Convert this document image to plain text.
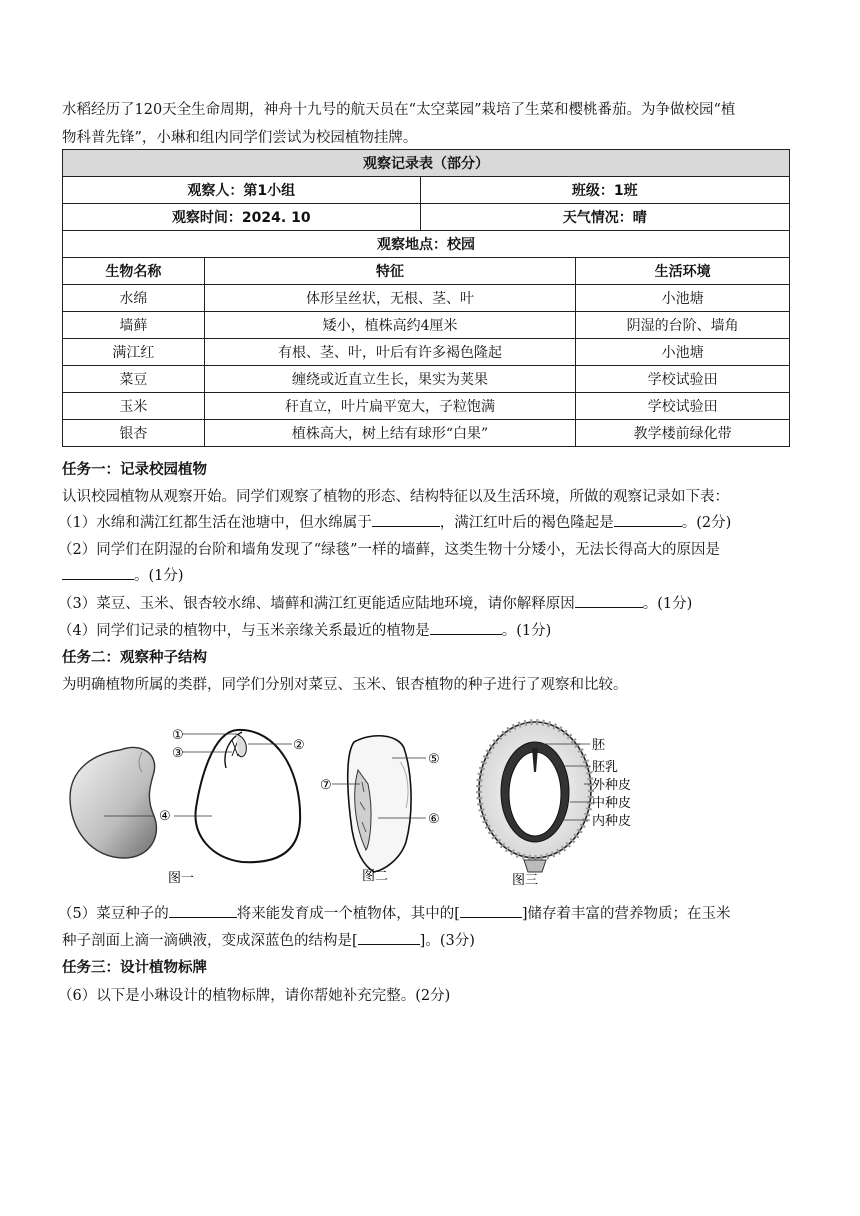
水稻经历了120天全生命周期，神舟十九号的航天员在“太空菜园”栽培了生菜和樱桃番茄。为争做校园“植
物科普先锋”，小琳和组内同学们尝试为校园植物挂牌。
观察记录表（部分）			
观察人：第1小组		班级：1班	
观察时间：2024. 10		天气情况：晴	
观察地点：校园			
生物名称	特征		生活环境
水绵	体形呈丝状，无根、茎、叶		小池塘
墙藓	矮小，植株高约4厘米		阴湿的台阶、墙角
满江红	有根、茎、叶，叶后有许多褐色隆起		小池塘
菜豆	缠绕或近直立生长，果实为荚果		学校试验田
玉米	秆直立，叶片扁平宽大，子粒饱满		学校试验田
银杏	植株高大，树上结有球形“白果”		教学楼前绿化带
任务一：记录校园植物
认识校园植物从观察开始。同学们观察了植物的形态、结构特征以及生活环境，所做的观察记录如下表：
（1）水绵和满江红都生活在池塘中，但水绵属于	，满江红叶后的褐色隆起是	。(2分)
（2）同学们在阴湿的台阶和墙角发现了“绿毯”一样的墙藓，这类生物十分矮小，无法长得高大的原因是
。(1分)
（3）菜豆、玉米、银杏较水绵、墙藓和满江红更能适应陆地环境，请你解释原因	。(1分)
（4）同学们记录的植物中，与玉米亲缘关系最近的植物是	。(1分)
任务二：观察种子结构
为明确植物所属的类群，同学们分别对菜豆、玉米、银杏植物的种子进行了观察和比较。
①
③
②
④
图一
⑤
⑦
⑥
图二
胚
胚乳
外种皮
中种皮
内种皮
图三
（5）菜豆种子的	将来能发育成一个植物体，其中的[	]储存着丰富的营养物质；在玉米
种子剖面上滴一滴碘液，变成深蓝色的结构是[	]。(3分)
任务三：设计植物标牌
（6）以下是小琳设计的植物标牌，请你帮她补充完整。(2分)
